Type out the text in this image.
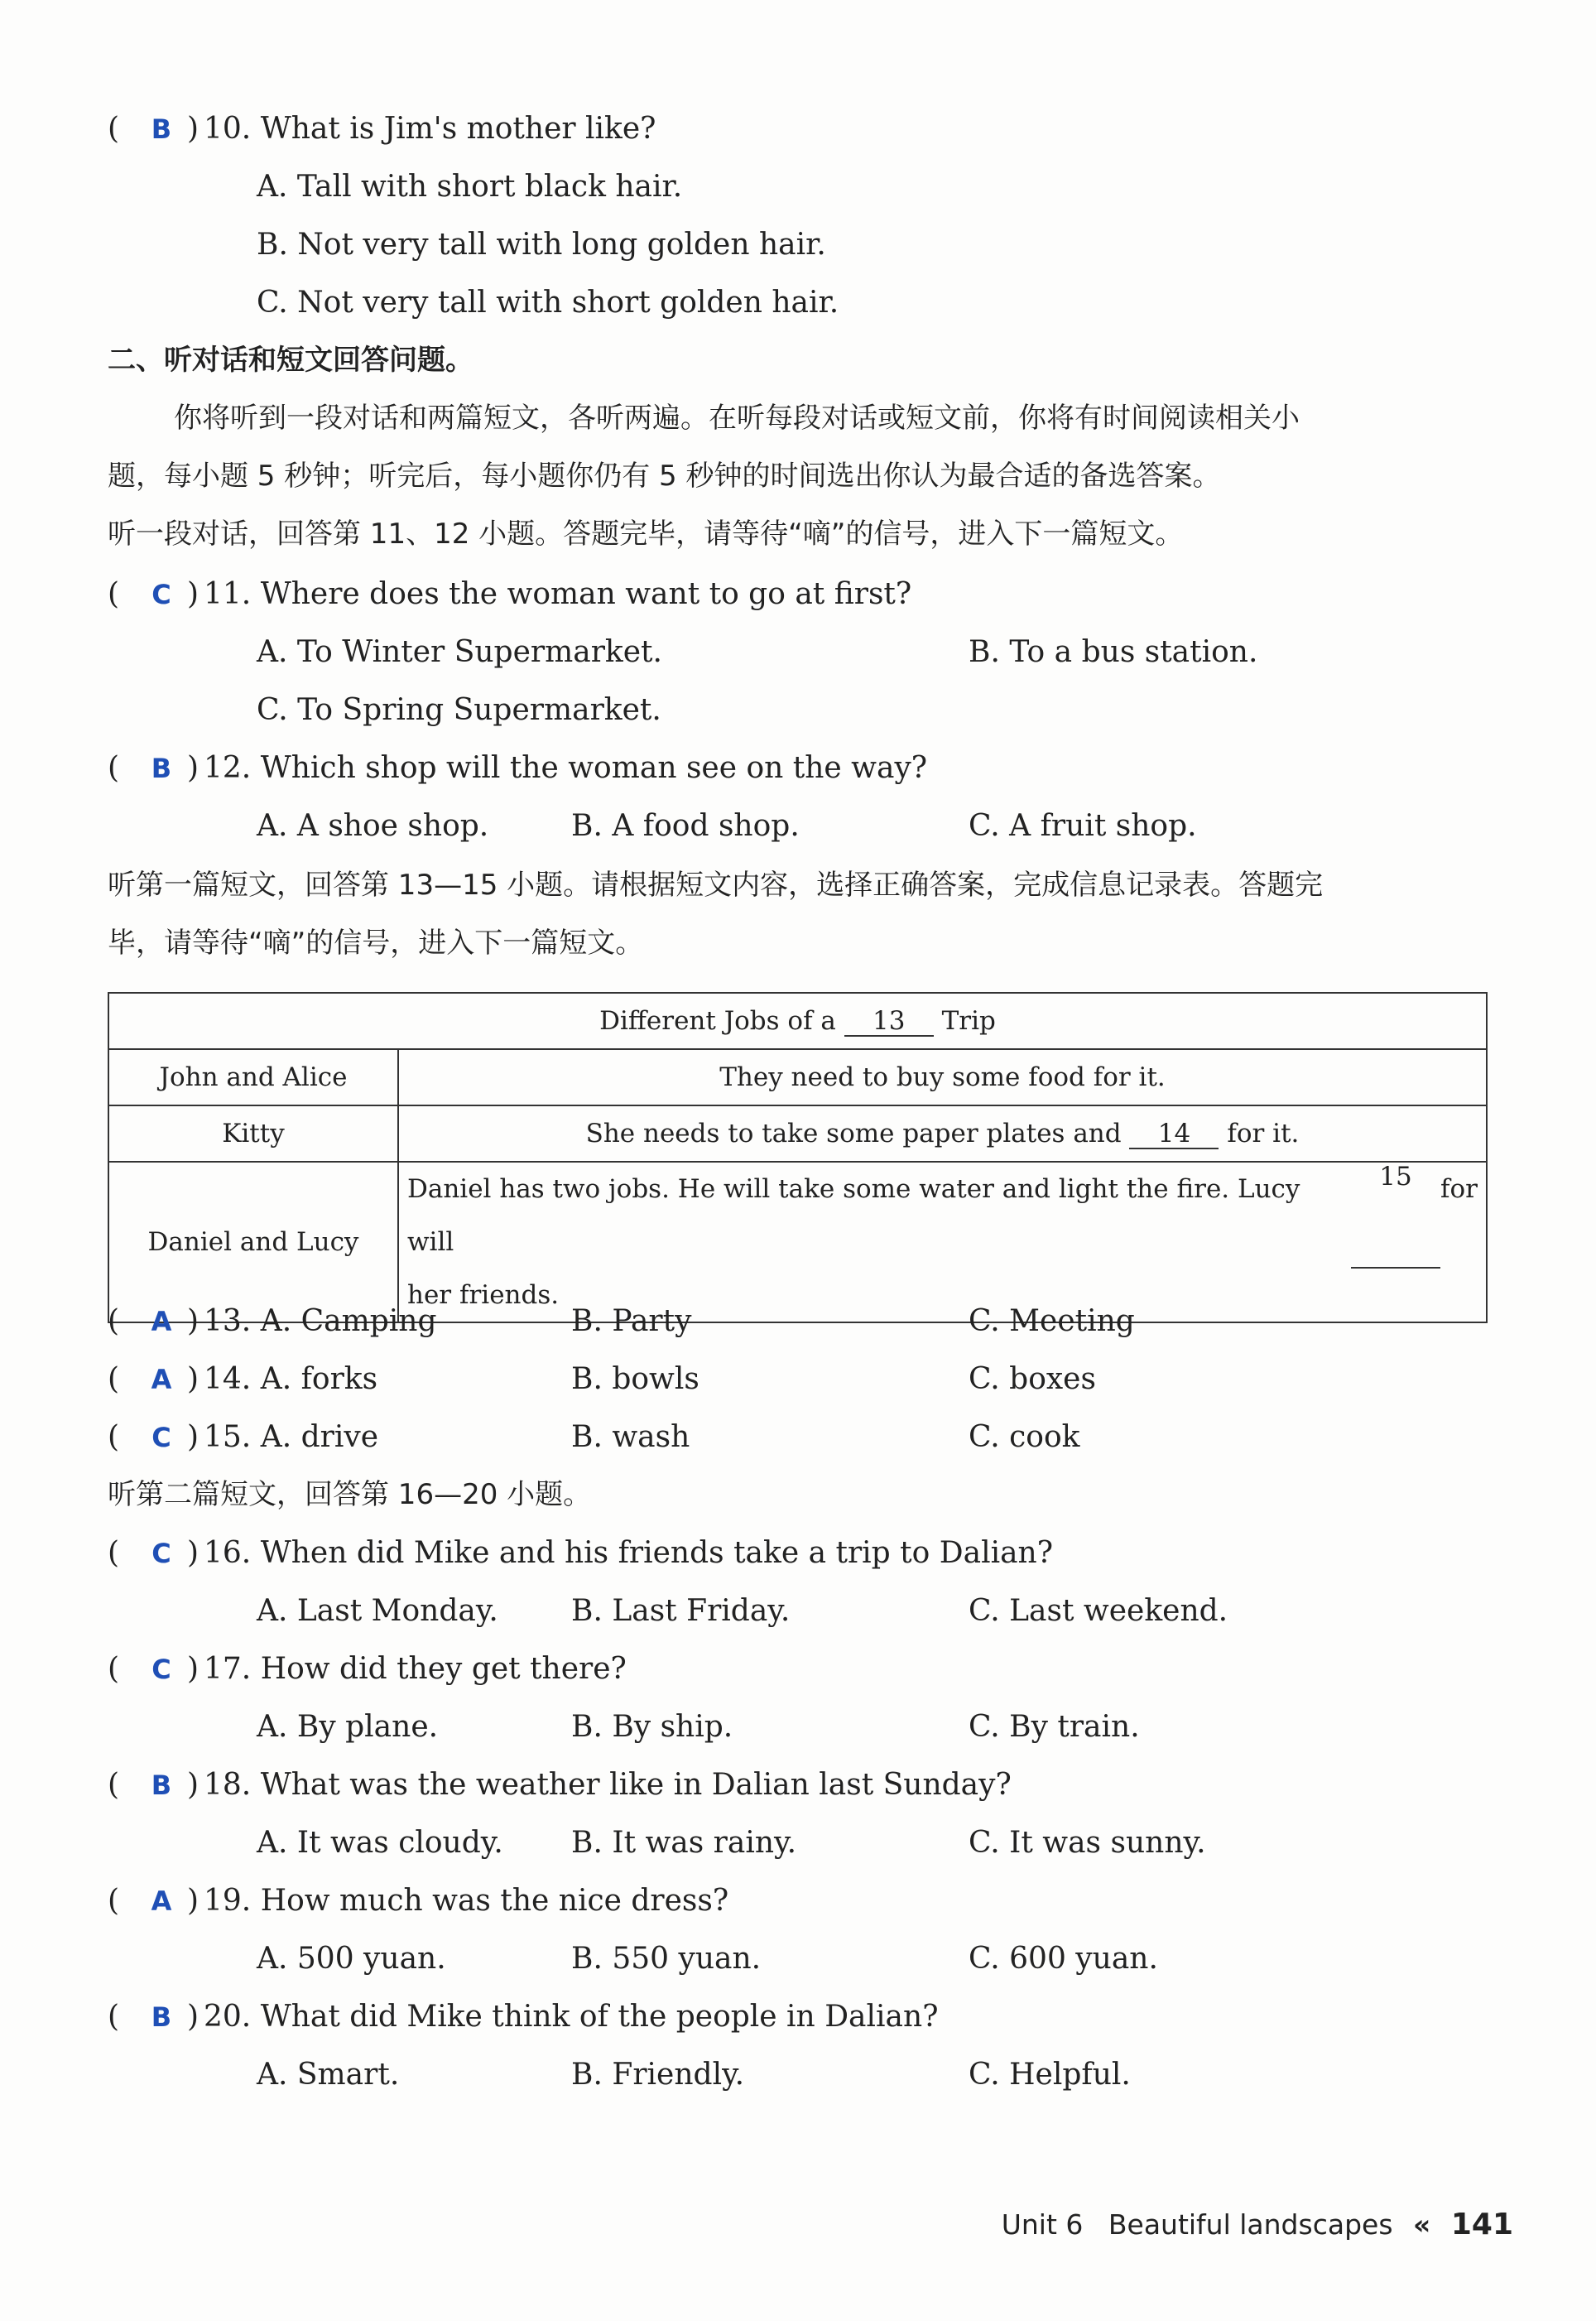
(	B ) 10. What is Jim's mother like?
A. Tall with short black hair.
B. Not very tall with long golden hair.
C. Not very tall with short golden hair.
二、听对话和短文回答问题。
你将听到一段对话和两篇短文，各听两遍。在听每段对话或短文前，你将有时间阅读相关小
题，每小题 5 秒钟；听完后，每小题你仍有 5 秒钟的时间选出你认为最合适的备选答案。
听一段对话，回答第 11、12 小题。答题完毕，请等待“嘀”的信号，进入下一篇短文。
(	C ) 11. Where does the woman want to go at first?
A. To Winter Supermarket.	B. To a bus station.
C. To Spring Supermarket.
(	B ) 12. Which shop will the woman see on the way?
A. A shoe shop.	B. A food shop.	C. A fruit shop.
听第一篇短文，回答第 13—15 小题。请根据短文内容，选择正确答案，完成信息记录表。答题完
毕，请等待“嘀”的信号，进入下一篇短文。
Different Jobs of a 13 Trip	
John and Alice	They need to buy some food for it.
Kitty	She needs to take some paper plates and 14 for it.
Daniel and Lucy	Daniel has two jobs. He will take some water and light the fire. Lucy will
15 for
her friends.
(	A ) 13. A. Camping	B. Party	C. Meeting
(	A ) 14. A. forks	B. bowls	C. boxes
(	C ) 15. A. drive	B. wash	C. cook
听第二篇短文，回答第 16—20 小题。
(	C ) 16. When did Mike and his friends take a trip to Dalian?
A. Last Monday. B. Last Friday.	C. Last weekend.
(	C ) 17. How did they get there?
A. By plane.	B. By ship.	C. By train.
(	B ) 18. What was the weather like in Dalian last Sunday?
A. It was cloudy. B. It was rainy.	C. It was sunny.
(	A ) 19. How much was the nice dress?
A. 500 yuan.	B. 550 yuan.	C. 600 yuan.
(	B ) 20. What did Mike think of the people in Dalian?
A. Smart.	B. Friendly.	C. Helpful.
Unit 6 Beautiful landscapes « 141
